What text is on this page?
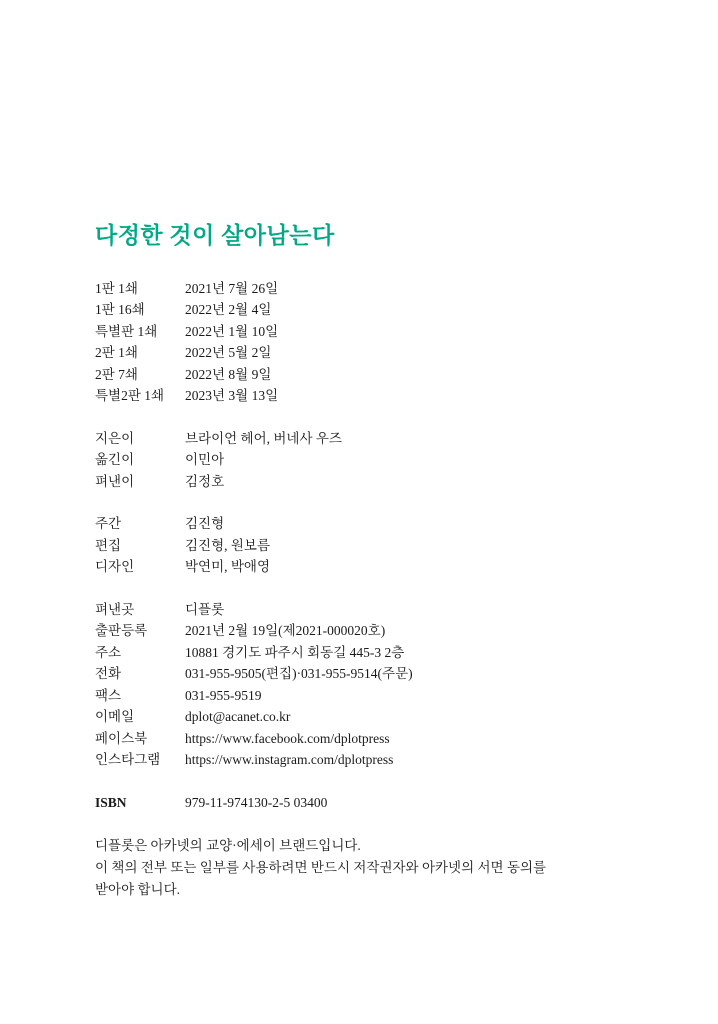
다정한 것이 살아남는다
1판 1쇄	2021년 7월 26일
1판 16쇄	2022년 2월 4일
특별판 1쇄	2022년 1월 10일
2판 1쇄	2022년 5월 2일
2판 7쇄	2022년 8월 9일
특별2판 1쇄	2023년 3월 13일
지은이	브라이언 헤어, 버네사 우즈
옮긴이	이민아
펴낸이	김정호
주간	김진형
편집	김진형, 원보름
디자인	박연미, 박애영
펴낸곳	디플롯
출판등록	2021년 2월 19일(제2021-000020호)
주소	10881 경기도 파주시 회동길 445-3 2층
전화	031-955-9505(편집)·031-955-9514(주문)
팩스	031-955-9519
이메일	dplot@acanet.co.kr
페이스북	https://www.facebook.com/dplotpress
인스타그램	https://www.instagram.com/dplotpress
ISBN	979-11-974130-2-5 03400

디플롯은 아카넷의 교양·에세이 브랜드입니다.

이 책의 전부 또는 일부를 사용하려면 반드시 저작권자와 아카넷의 서면 동의를

받아야 합니다.
